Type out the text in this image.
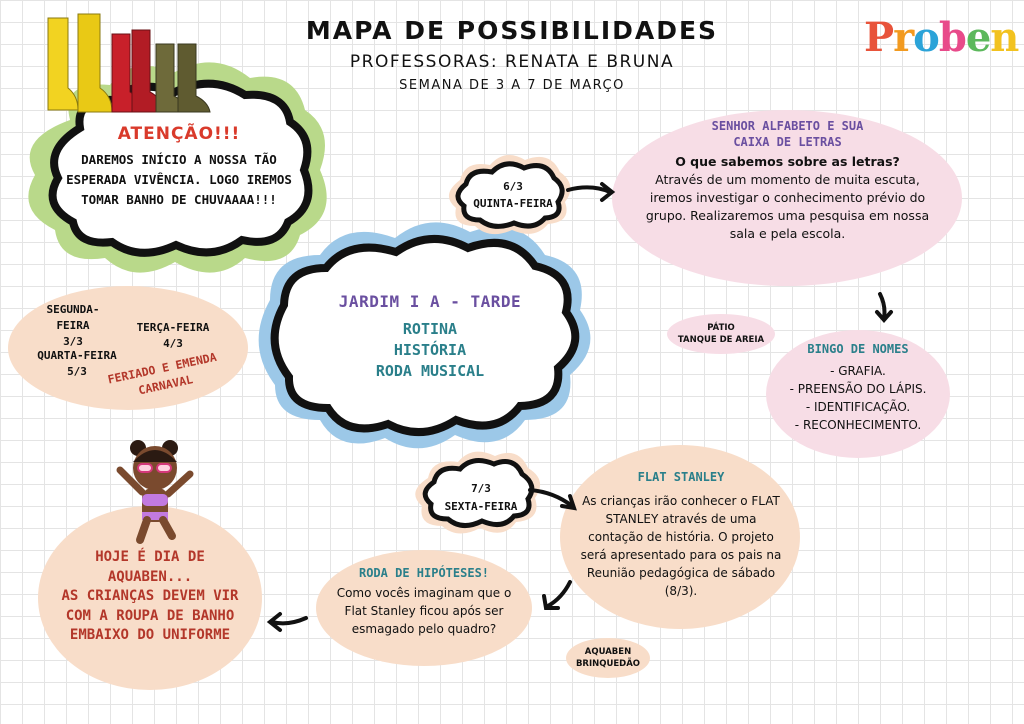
MAPA DE POSSIBILIDADES
PROFESSORAS: RENATA E BRUNA
SEMANA DE 3 A 7 DE MARÇO
Proben
ATENÇÃO!!!
DAREMOS INÍCIO A NOSSA TÃO ESPERADA VIVÊNCIA. LOGO IREMOS TOMAR BANHO DE CHUVAAAA!!!
JARDIM I A - TARDE
ROTINA
HISTÓRIA
RODA MUSICAL
SEGUNDA-FEIRA
3/3
TERÇA-FEIRA
4/3
QUARTA-FEIRA
5/3	FERIADO E EMENDA CARNAVAL
6/3
QUINTA-FEIRA
SENHOR ALFABETO E SUA CAIXA DE LETRAS
O que sabemos sobre as letras?
Através de um momento de muita escuta, iremos investigar o conhecimento prévio do grupo. Realizaremos uma pesquisa em nossa sala e pela escola.
PÁTIO
TANQUE DE AREIA
BINGO DE NOMES
- GRAFIA.
- PREENSÃO DO LÁPIS.
- IDENTIFICAÇÃO.
- RECONHECIMENTO.
7/3
SEXTA-FEIRA
FLAT STANLEY
As crianças irão conhecer o FLAT STANLEY através de uma contação de história. O projeto será apresentado para os pais na Reunião pedagógica de sábado (8/3).
RODA DE HIPÓTESES!
Como vocês imaginam que o Flat Stanley ficou após ser esmagado pelo quadro?
AQUABEN
BRINQUEDÃO
HOJE É DIA DE
AQUABEN...
AS CRIANÇAS DEVEM VIR
COM A ROUPA DE BANHO
EMBAIXO DO UNIFORME
